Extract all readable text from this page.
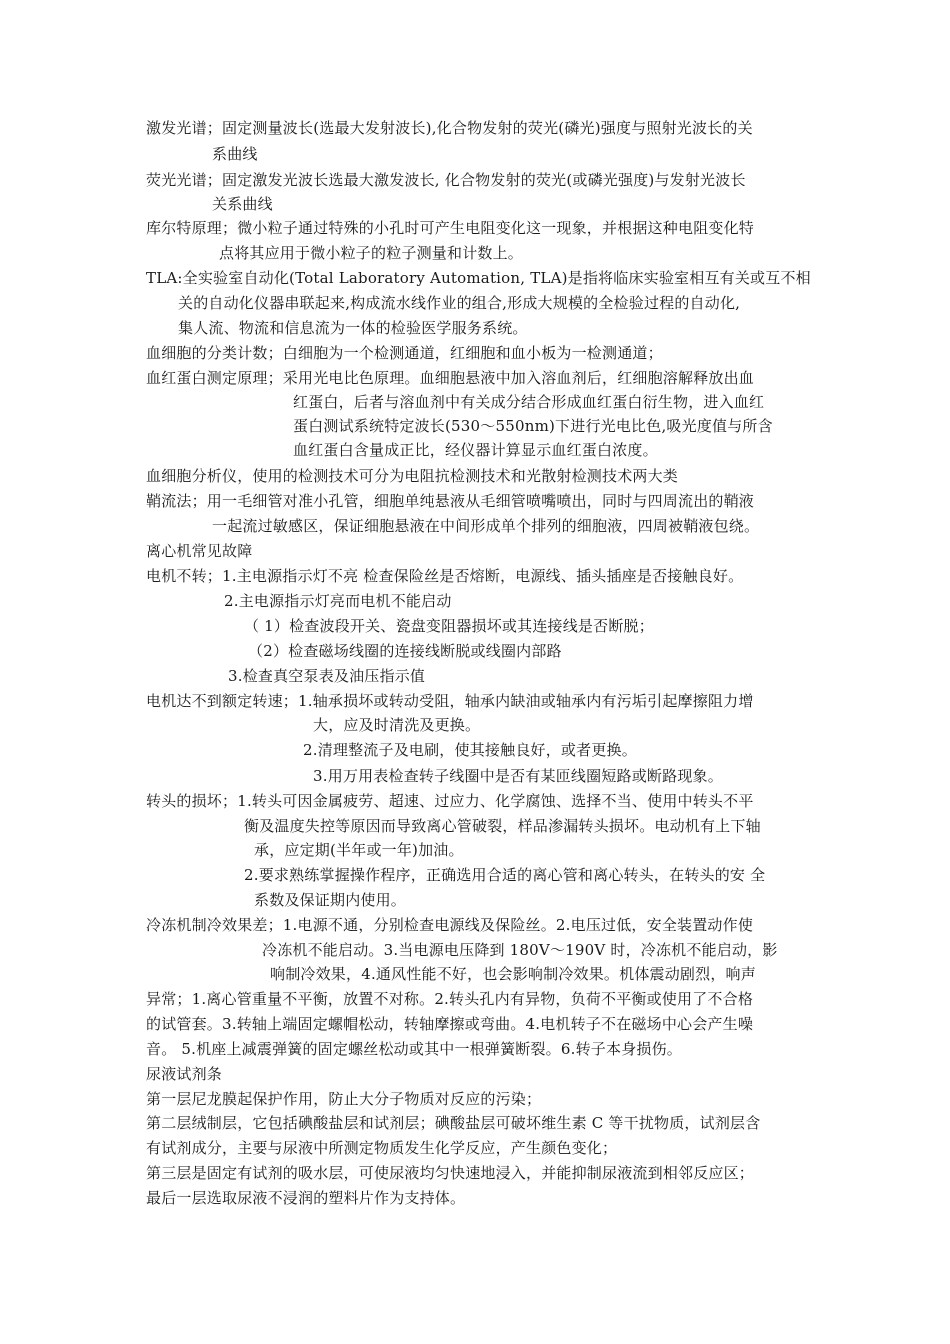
激发光谱；固定测量波长(选最大发射波长),化合物发射的荧光(磷光)强度与照射光波长的关
系曲线
荧光光谱；固定激发光波长选最大激发波长, 化合物发射的荧光(或磷光强度)与发射光波长
关系曲线
库尔特原理；微小粒子通过特殊的小孔时可产生电阻变化这一现象，并根据这种电阻变化特
点将其应用于微小粒子的粒子测量和计数上。
TLA:全实验室自动化(Total Laboratory Automation, TLA)是指将临床实验室相互有关或互不相
关的自动化仪器串联起来,构成流水线作业的组合,形成大规模的全检验过程的自动化,
集人流、物流和信息流为一体的检验医学服务系统。
血细胞的分类计数；白细胞为一个检测通道，红细胞和血小板为一检测通道；
血红蛋白测定原理；采用光电比色原理。血细胞悬液中加入溶血剂后，红细胞溶解释放出血
红蛋白，后者与溶血剂中有关成分结合形成血红蛋白衍生物，进入血红
蛋白测试系统特定波长(530～550nm)下进行光电比色,吸光度值与所含
血红蛋白含量成正比，经仪器计算显示血红蛋白浓度。
血细胞分析仪，使用的检测技术可分为电阻抗检测技术和光散射检测技术两大类
鞘流法；用一毛细管对准小孔管，细胞单纯悬液从毛细管喷嘴喷出，同时与四周流出的鞘液
一起流过敏感区，保证细胞悬液在中间形成单个排列的细胞液，四周被鞘液包绕。
离心机常见故障
电机不转；1.主电源指示灯不亮 检查保险丝是否熔断，电源线、插头插座是否接触良好。
2.主电源指示灯亮而电机不能启动
（ 1）检查波段开关、瓷盘变阻器损坏或其连接线是否断脱；
（2）检查磁场线圈的连接线断脱或线圈内部路
3.检查真空泵表及油压指示值
电机达不到额定转速；1.轴承损坏或转动受阻，轴承内缺油或轴承内有污垢引起摩擦阻力增
大，应及时清洗及更换。
2.清理整流子及电刷，使其接触良好，或者更换。
3.用万用表检查转子线圈中是否有某匝线圈短路或断路现象。
转头的损坏；1.转头可因金属疲劳、超速、过应力、化学腐蚀、选择不当、使用中转头不平
衡及温度失控等原因而导致离心管破裂，样品渗漏转头损坏。电动机有上下轴
承，应定期(半年或一年)加油。
2.要求熟练掌握操作程序，正确选用合适的离心管和离心转头，在转头的安 全
系数及保证期内使用。
冷冻机制冷效果差；1.电源不通，分别检查电源线及保险丝。2.电压过低，安全装置动作使
冷冻机不能启动。3.当电源电压降到 180V～190V 时，冷冻机不能启动，影
响制冷效果，4.通风性能不好，也会影响制冷效果。机体震动剧烈，响声
异常；1.离心管重量不平衡，放置不对称。2.转头孔内有异物，负荷不平衡或使用了不合格
的试管套。3.转轴上端固定螺帽松动，转轴摩擦或弯曲。4.电机转子不在磁场中心会产生噪
音。 5.机座上减震弹簧的固定螺丝松动或其中一根弹簧断裂。6.转子本身损伤。
尿液试剂条
第一层尼龙膜起保护作用，防止大分子物质对反应的污染；
第二层绒制层，它包括碘酸盐层和试剂层；碘酸盐层可破坏维生素 C 等干扰物质，试剂层含
有试剂成分，主要与尿液中所测定物质发生化学反应，产生颜色变化；
第三层是固定有试剂的吸水层，可使尿液均匀快速地浸入，并能抑制尿液流到相邻反应区；
最后一层选取尿液不浸润的塑料片作为支持体。
